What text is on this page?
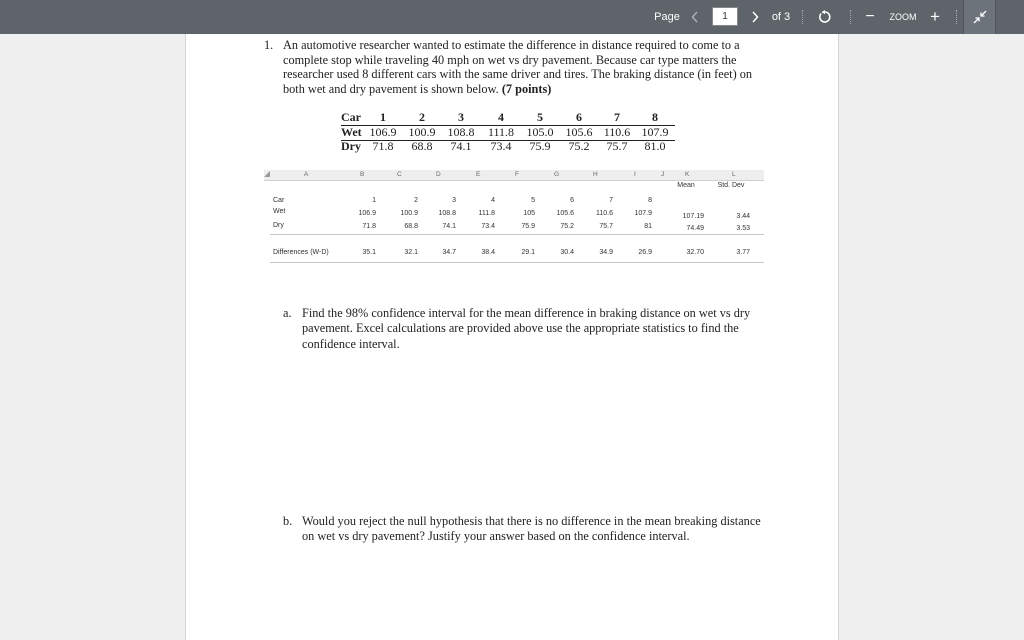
Page	1	of 3	−	ZOOM +
1. An automotive researcher wanted to estimate the difference in distance required to come to a complete stop while traveling 40 mph on wet vs dry pavement. Because car type matters the researcher used 8 different cars with the same driver and tires. The braking distance (in feet) on both wet and dry pavement is shown below. (7 points)
Car	1	2	3	4	5	6	7	8
Wet 106.9	100.9	108.8	111.8	105.0	105.6 110.6 107.9
Dry 71.8	68.8	74.1	73.4	75.9	75.2	75.7	81.0
A	B	C	D	E	F	G	H	I	J	K	L
Mean	Std. Dev
Car	1	2	3	4	5	6	7	8
Wet	106.9	100.9	108.8	111.8	105	105.6	110.6	107.9	107.19	3.44
Dry	71.8	68.8	74.1	73.4	75.9	75.2	75.7	81	74.49	3.53
Differences (W-D)	35.1	32.1	34.7	38.4	29.1	30.4	34.9	26.9	32.70	3.77
a. Find the 98% confidence interval for the mean difference in braking distance on wet vs dry pavement. Excel calculations are provided above use the appropriate statistics to find the confidence interval.
b. Would you reject the null hypothesis that there is no difference in the mean breaking distance on wet vs dry pavement? Justify your answer based on the confidence interval.
